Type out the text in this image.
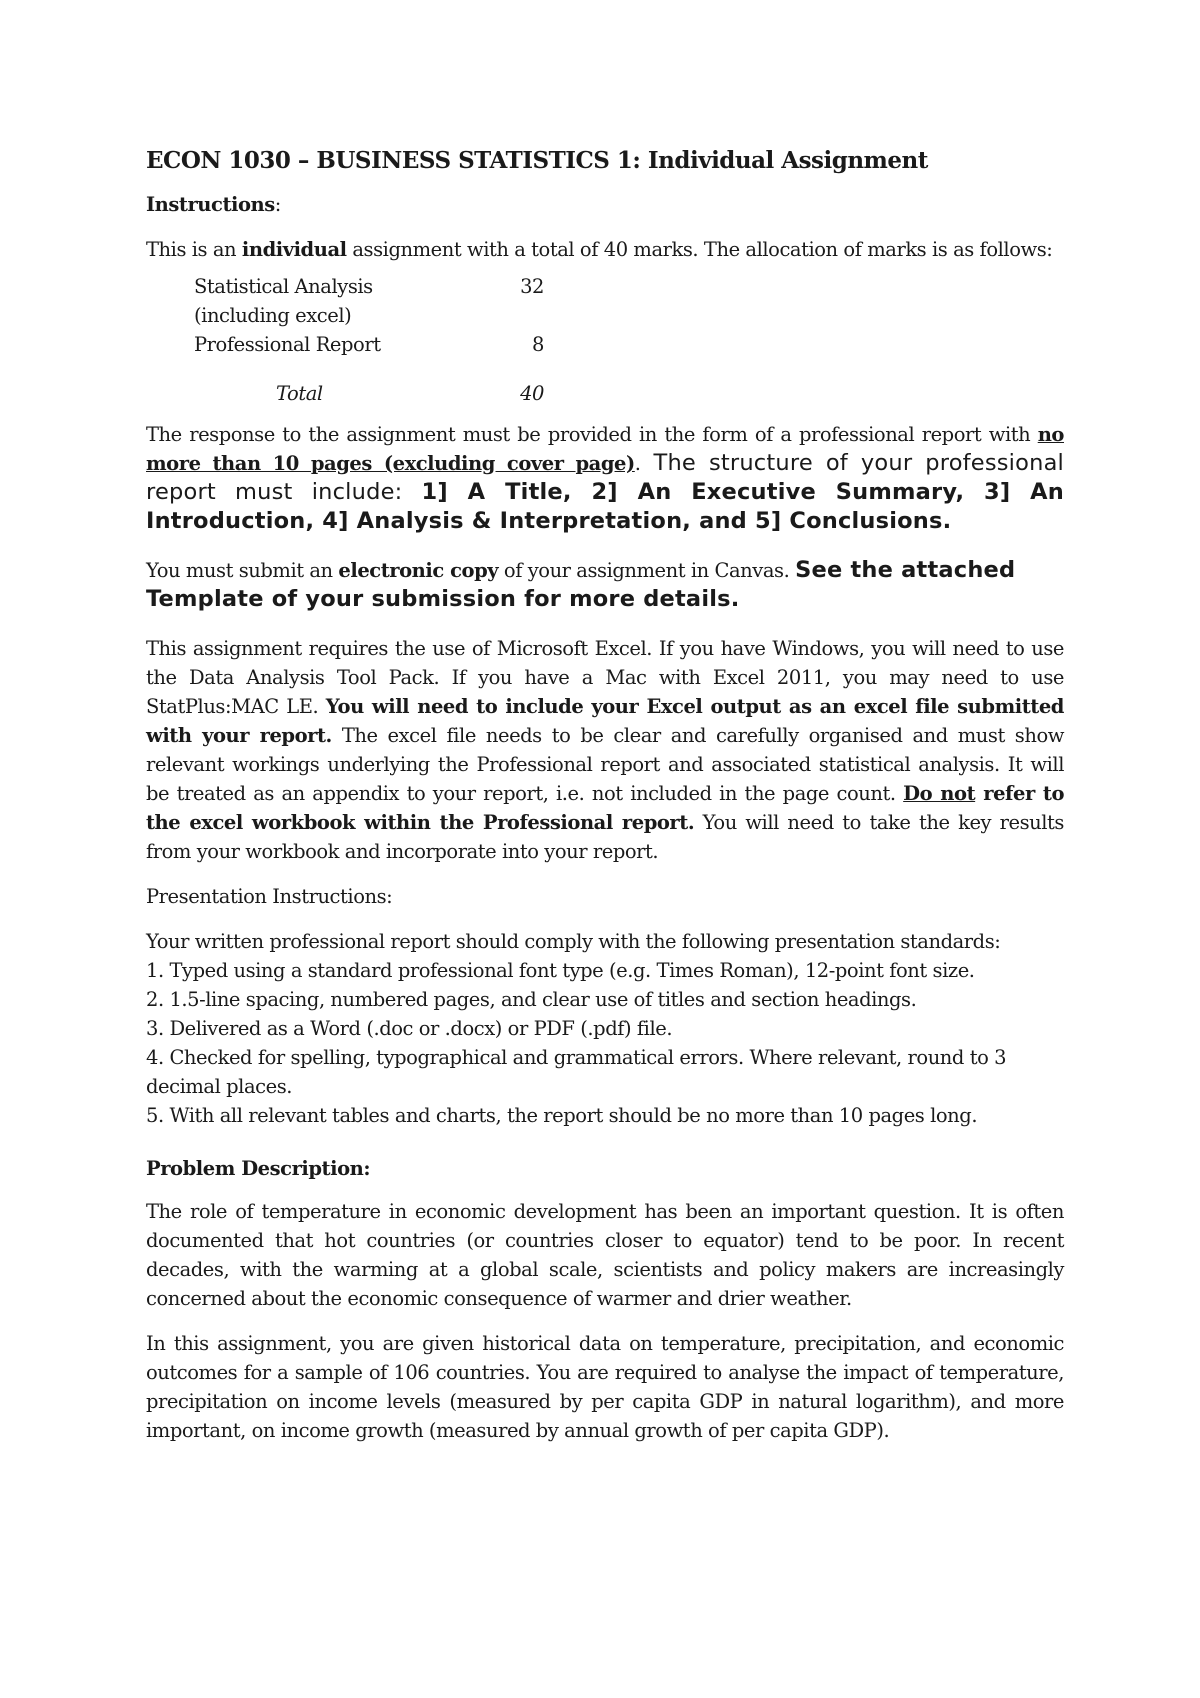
ECON 1030 – BUSINESS STATISTICS 1: Individual Assignment

Instructions:

This is an individual assignment with a total of 40 marks. The allocation of marks is as follows:

Statistical Analysis	32
(including excel)
Professional Report	8
Total	40

The response to the assignment must be provided in the form of a professional report with no more than 10 pages (excluding cover page). The structure of your professional report must include: 1] A Title, 2] An Executive Summary, 3] An Introduction, 4] Analysis & Interpretation, and 5] Conclusions.

You must submit an electronic copy of your assignment in Canvas. See the attached Template of your submission for more details.

This assignment requires the use of Microsoft Excel. If you have Windows, you will need to use the Data Analysis Tool Pack. If you have a Mac with Excel 2011, you may need to use StatPlus:MAC LE. You will need to include your Excel output as an excel file submitted with your report. The excel file needs to be clear and carefully organised and must show relevant workings underlying the Professional report and associated statistical analysis. It will be treated as an appendix to your report, i.e. not included in the page count. Do not refer to the excel workbook within the Professional report. You will need to take the key results from your workbook and incorporate into your report.

Presentation Instructions:

Your written professional report should comply with the following presentation standards:

1. Typed using a standard professional font type (e.g. Times Roman), 12-point font size.

2. 1.5-line spacing, numbered pages, and clear use of titles and section headings.

3. Delivered as a Word (.doc or .docx) or PDF (.pdf) file.

4. Checked for spelling, typographical and grammatical errors. Where relevant, round to 3 decimal places.

5. With all relevant tables and charts, the report should be no more than 10 pages long.

Problem Description:

The role of temperature in economic development has been an important question. It is often documented that hot countries (or countries closer to equator) tend to be poor. In recent decades, with the warming at a global scale, scientists and policy makers are increasingly concerned about the economic consequence of warmer and drier weather.

In this assignment, you are given historical data on temperature, precipitation, and economic outcomes for a sample of 106 countries. You are required to analyse the impact of temperature, precipitation on income levels (measured by per capita GDP in natural logarithm), and more important, on income growth (measured by annual growth of per capita GDP).
